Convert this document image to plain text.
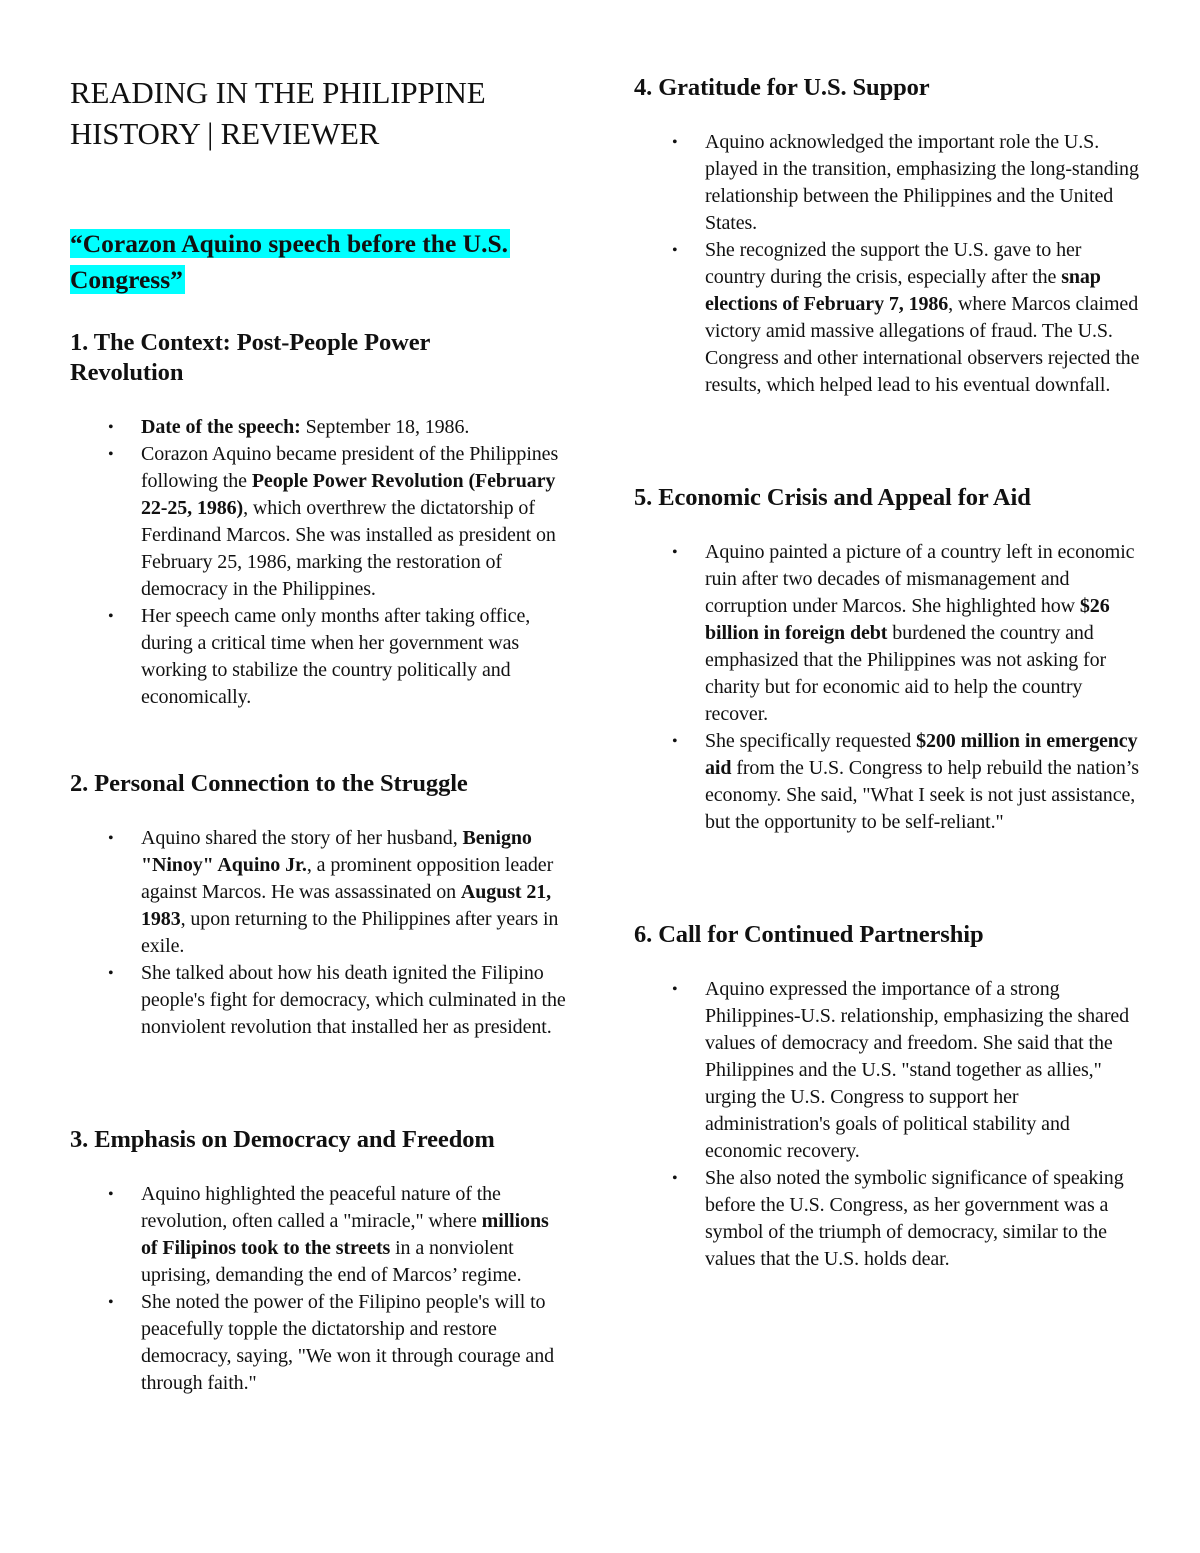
READING IN THE PHILIPPINE
HISTORY | REVIEWER

“Corazon Aquino speech before the U.S. Congress”

1. The Context: Post-People Power Revolution
• Date of the speech: September 18, 1986.
• Corazon Aquino became president of the Philippines following the People Power Revolution (February 22-25, 1986), which overthrew the dictatorship of Ferdinand Marcos. She was installed as president on February 25, 1986, marking the restoration of democracy in the Philippines.
• Her speech came only months after taking office, during a critical time when her government was working to stabilize the country politically and economically.
2. Personal Connection to the Struggle
• Aquino shared the story of her husband, Benigno "Ninoy" Aquino Jr., a prominent opposition leader against Marcos. He was assassinated on August 21, 1983, upon returning to the Philippines after years in exile.
• She talked about how his death ignited the Filipino people's fight for democracy, which culminated in the nonviolent revolution that installed her as president.
3. Emphasis on Democracy and Freedom
• Aquino highlighted the peaceful nature of the revolution, often called a "miracle," where millions of Filipinos took to the streets in a nonviolent uprising, demanding the end of Marcos’ regime.
• She noted the power of the Filipino people's will to peacefully topple the dictatorship and restore democracy, saying, "We won it through courage and through faith."
4. Gratitude for U.S. Suppor
• Aquino acknowledged the important role the U.S. played in the transition, emphasizing the long-standing relationship between the Philippines and the United States.
• She recognized the support the U.S. gave to her country during the crisis, especially after the snap elections of February 7, 1986, where Marcos claimed victory amid massive allegations of fraud. The U.S. Congress and other international observers rejected the results, which helped lead to his eventual downfall.
5. Economic Crisis and Appeal for Aid
• Aquino painted a picture of a country left in economic ruin after two decades of mismanagement and corruption under Marcos. She highlighted how $26 billion in foreign debt burdened the country and emphasized that the Philippines was not asking for charity but for economic aid to help the country recover.
• She specifically requested $200 million in emergency aid from the U.S. Congress to help rebuild the nation’s economy. She said, "What I seek is not just assistance, but the opportunity to be self-reliant."
6. Call for Continued Partnership
• Aquino expressed the importance of a strong Philippines-U.S. relationship, emphasizing the shared values of democracy and freedom. She said that the Philippines and the U.S. "stand together as allies," urging the U.S. Congress to support her administration's goals of political stability and economic recovery.
• She also noted the symbolic significance of speaking before the U.S. Congress, as her government was a symbol of the triumph of democracy, similar to the values that the U.S. holds dear.
